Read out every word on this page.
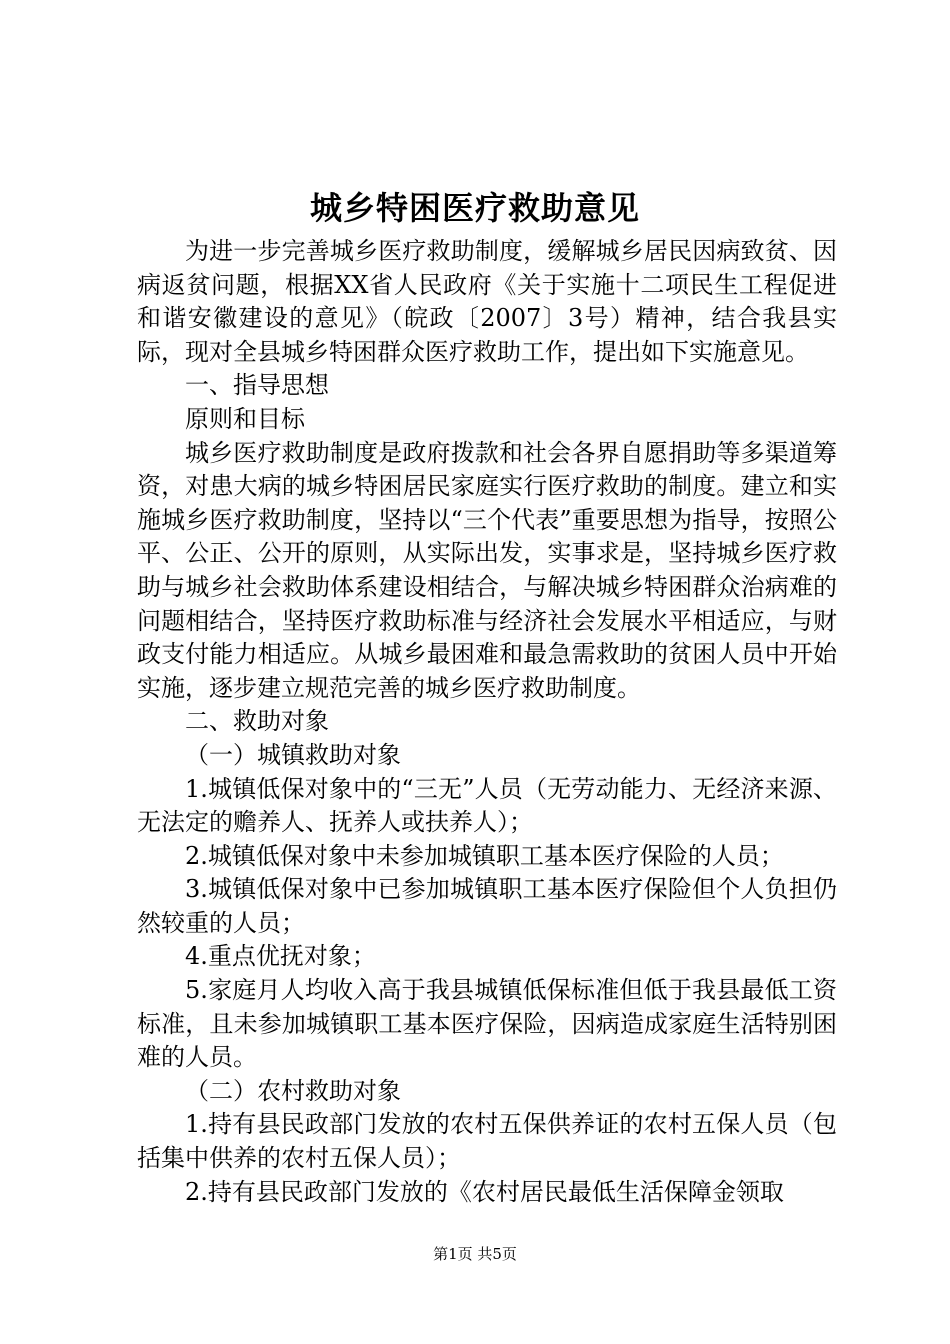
城乡特困医疗救助意见

为进一步完善城乡医疗救助制度，缓解城乡居民因病致贫、因病返贫问题，根据XX省人民政府《关于实施十二项民生工程促进和谐安徽建设的意见》（皖政〔2007〕3号）精神，结合我县实际，现对全县城乡特困群众医疗救助工作，提出如下实施意见。

一、指导思想

原则和目标

城乡医疗救助制度是政府拨款和社会各界自愿捐助等多渠道筹资，对患大病的城乡特困居民家庭实行医疗救助的制度。建立和实施城乡医疗救助制度，坚持以“三个代表”重要思想为指导，按照公平、公正、公开的原则，从实际出发，实事求是，坚持城乡医疗救助与城乡社会救助体系建设相结合，与解决城乡特困群众治病难的问题相结合，坚持医疗救助标准与经济社会发展水平相适应，与财政支付能力相适应。从城乡最困难和最急需救助的贫困人员中开始实施，逐步建立规范完善的城乡医疗救助制度。

二、救助对象

（一）城镇救助对象

1.城镇低保对象中的“三无”人员（无劳动能力、无经济来源、无法定的赡养人、抚养人或扶养人）；

2.城镇低保对象中未参加城镇职工基本医疗保险的人员；

3.城镇低保对象中已参加城镇职工基本医疗保险但个人负担仍然较重的人员；

4.重点优抚对象；

5.家庭月人均收入高于我县城镇低保标准但低于我县最低工资标准，且未参加城镇职工基本医疗保险，因病造成家庭生活特别困难的人员。

（二）农村救助对象

1.持有县民政部门发放的农村五保供养证的农村五保人员（包括集中供养的农村五保人员）；

2.持有县民政部门发放的《农村居民最低生活保障金领取

第1页 共5页
